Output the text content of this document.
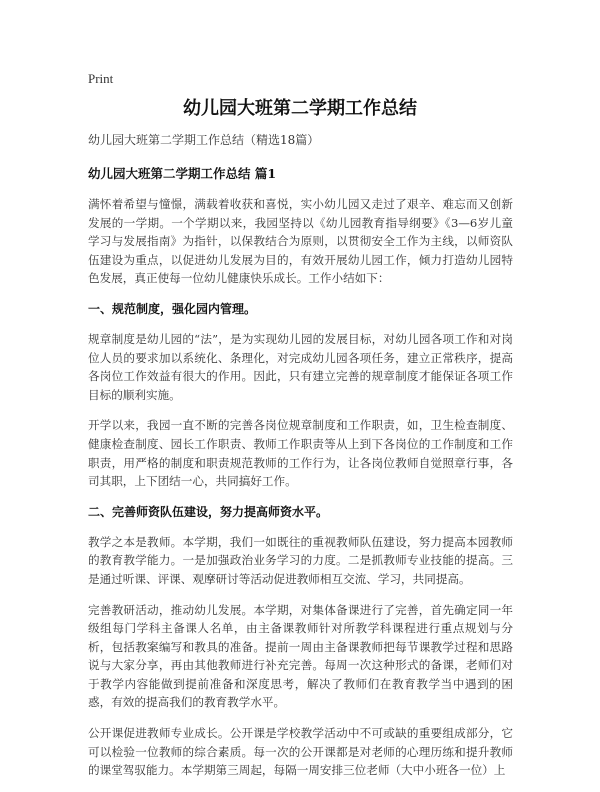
Print
幼儿园大班第二学期工作总结

幼儿园大班第二学期工作总结（精选18篇）

幼儿园大班第二学期工作总结 篇1

满怀着希望与憧憬，满载着收获和喜悦，实小幼儿园又走过了艰辛、难忘而又创新发展的一学期。一个学期以来，我园坚持以《幼儿园教育指导纲要》《3—6岁儿童学习与发展指南》为指针，以保教结合为原则，以贯彻安全工作为主线，以师资队伍建设为重点，以促进幼儿发展为目的，有效开展幼儿园工作，倾力打造幼儿园特色发展，真正使每一位幼儿健康快乐成长。工作小结如下：

一、规范制度，强化园内管理。

规章制度是幼儿园的“法”，是为实现幼儿园的发展目标，对幼儿园各项工作和对岗位人员的要求加以系统化、条理化，对完成幼儿园各项任务，建立正常秩序，提高各岗位工作效益有很大的作用。因此，只有建立完善的规章制度才能保证各项工作目标的顺利实施。

开学以来，我园一直不断的完善各岗位规章制度和工作职责，如，卫生检查制度、健康检查制度、园长工作职责、教师工作职责等从上到下各岗位的工作制度和工作职责，用严格的制度和职责规范教师的工作行为，让各岗位教师自觉照章行事，各司其职，上下团结一心，共同搞好工作。

二、完善师资队伍建设，努力提高师资水平。

教学之本是教师。本学期，我们一如既往的重视教师队伍建设，努力提高本园教师的教育教学能力。一是加强政治业务学习的力度。二是抓教师专业技能的提高。三是通过听课、评课、观摩研讨等活动促进教师相互交流、学习，共同提高。

完善教研活动，推动幼儿发展。本学期，对集体备课进行了完善，首先确定同一年级组每门学科主备课人名单，由主备课教师针对所教学科课程进行重点规划与分析，包括教案编写和教具的准备。提前一周由主备课教师把每节课教学过程和思路说与大家分享，再由其他教师进行补充完善。每周一次这种形式的备课，老师们对于教学内容能做到提前准备和深度思考，解决了教师们在教育教学当中遇到的困惑，有效的提高我们的教育教学水平。

公开课促进教师专业成长。公开课是学校教学活动中不可或缺的重要组成部分，它可以检验一位教师的综合素质。每一次的公开课都是对老师的心理历练和提升教师的课堂驾驭能力。本学期第三周起，每隔一周安排三位老师（大中小班各一位）上
